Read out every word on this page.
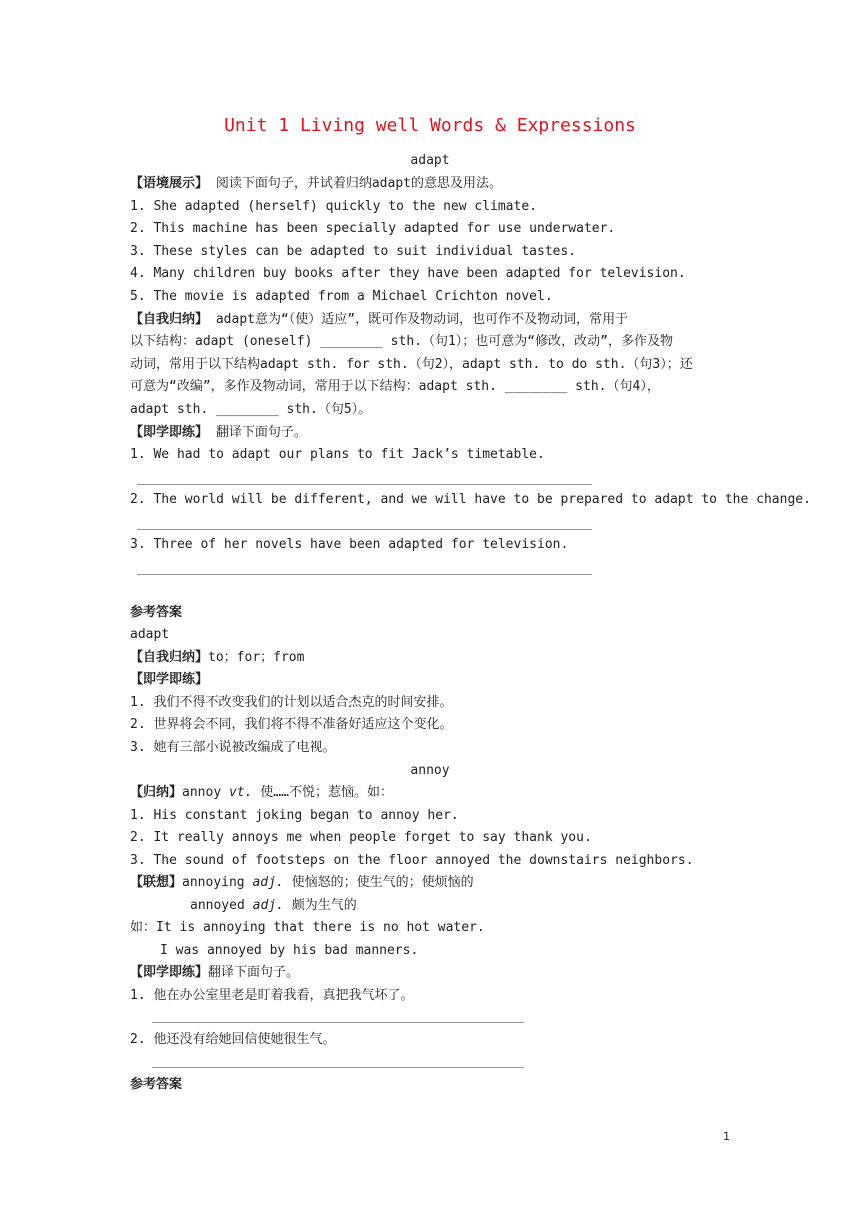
Unit 1 Living well Words & Expressions
adapt
【语境展示】 阅读下面句子，并试着归纳adapt的意思及用法。
1. She adapted (herself) quickly to the new climate.
2. This machine has been specially adapted for use underwater.
3. These styles can be adapted to suit individual tastes.
4. Many children buy books after they have been adapted for television.
5. The movie is adapted from a Michael Crichton novel.
【自我归纳】 adapt意为“（使）适应”，既可作及物动词，也可作不及物动词，常用于
以下结构：adapt (oneself) ________ sth.（句1）；也可意为“修改，改动”，多作及物
动词，常用于以下结构adapt sth. for sth.（句2），adapt sth. to do sth.（句3）；还
可意为“改编”，多作及物动词，常用于以下结构：adapt sth. ________ sth.（句4），
adapt sth. ________ sth.（句5）。
【即学即练】 翻译下面句子。
1. We had to adapt our plans to fit Jack’s timetable.
2. The world will be different, and we will have to be prepared to adapt to the change.
3. Three of her novels have been adapted for television.
参考答案
adapt
【自我归纳】to；for；from
【即学即练】
1. 我们不得不改变我们的计划以适合杰克的时间安排。
2. 世界将会不同，我们将不得不准备好适应这个变化。
3. 她有三部小说被改编成了电视。
annoy
【归纳】annoy vt. 使……不悦；惹恼。如：
1. His constant joking began to annoy her.
2. It really annoys me when people forget to say thank you.
3. The sound of footsteps on the floor annoyed the downstairs neighbors.
【联想】annoying adj. 使恼怒的；使生气的；使烦恼的
annoyed adj. 颇为生气的
如：It is annoying that there is no hot water.
I was annoyed by his bad manners.
【即学即练】翻译下面句子。
1. 他在办公室里老是盯着我看，真把我气坏了。
2. 他还没有给她回信使她很生气。
参考答案
1
